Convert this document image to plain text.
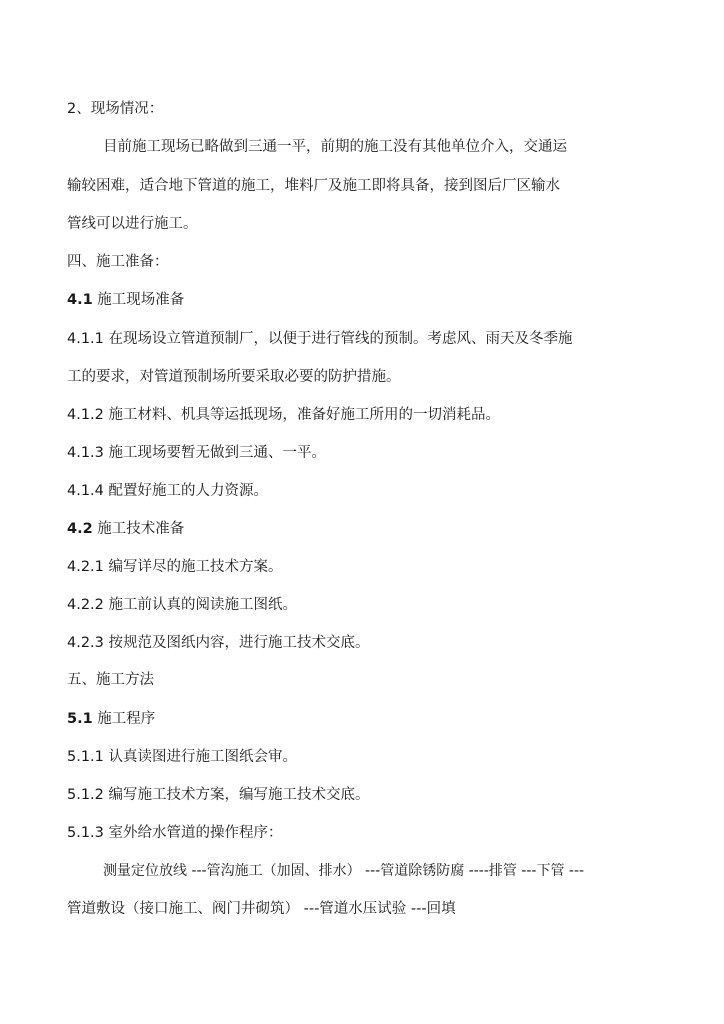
2、现场情况：
目前施工现场已略做到三通一平，前期的施工没有其他单位介入，交通运
输较困难，适合地下管道的施工，堆料厂及施工即将具备，接到图后厂区输水
管线可以进行施工。
四、施工准备：
4.1 施工现场准备
4.1.1 在现场设立管道预制厂，以便于进行管线的预制。考虑风、雨天及冬季施
工的要求，对管道预制场所要采取必要的防护措施。
4.1.2 施工材料、机具等运抵现场，准备好施工所用的一切消耗品。
4.1.3 施工现场要暂无做到三通、一平。
4.1.4 配置好施工的人力资源。
4.2 施工技术准备
4.2.1 编写详尽的施工技术方案。
4.2.2 施工前认真的阅读施工图纸。
4.2.3 按规范及图纸内容，进行施工技术交底。
五、施工方法
5.1 施工程序
5.1.1 认真读图进行施工图纸会审。
5.1.2 编写施工技术方案，编写施工技术交底。
5.1.3 室外给水管道的操作程序：
测量定位放线 ---管沟施工（加固、排水） ---管道除锈防腐 ----排管 ---下管 ---
管道敷设（接口施工、阀门井砌筑） ---管道水压试验 ---回填
